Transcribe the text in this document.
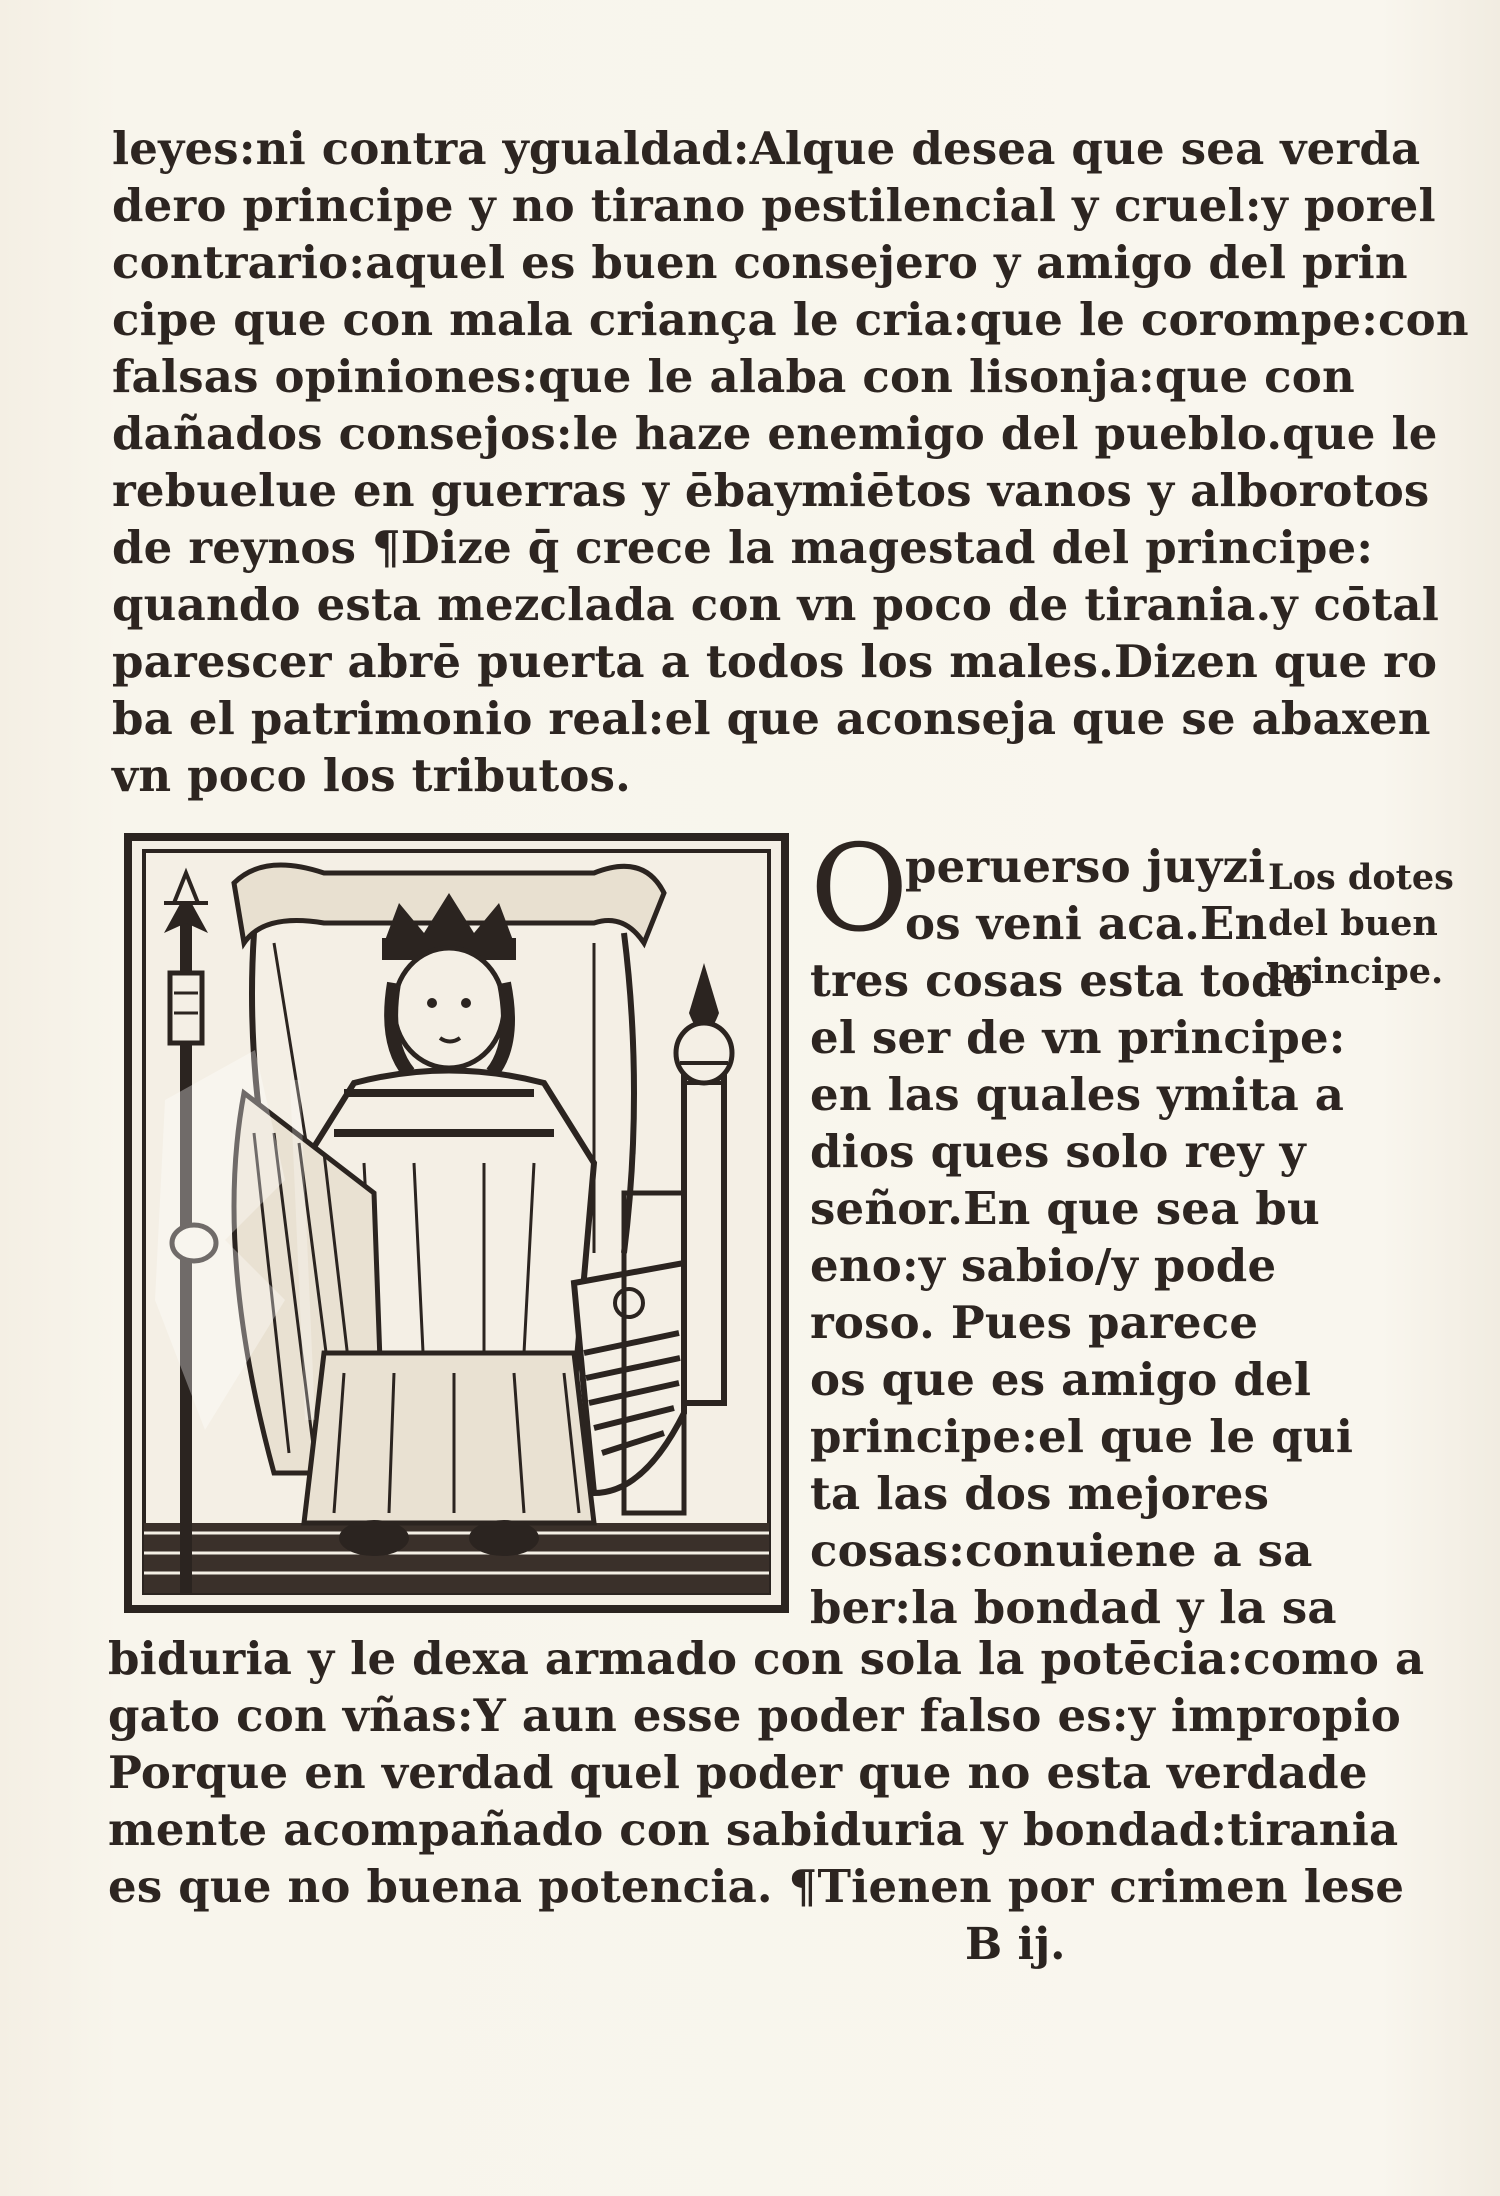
leyes:ni contra ygualdad:Alque desea que sea verda
dero principe y no tirano pestilencial y cruel:y porel
contrario:aquel es buen consejero y amigo del prin
cipe que con mala criança le cria:que le corompe:con
falsas opiniones:que le alaba con lisonja:que con
dañados consejos:le haze enemigo del pueblo.que le
rebuelue en guerras y ēbaymiētos vanos y alborotos
de reynos ¶Dize q̄ crece la magestad del principe:
quando esta mezclada con vn poco de tirania.y cōtal
parescer abrē puerta a todos los males.Dizen que ro
ba el patrimonio real:el que aconseja que se abaxen
vn poco los tributos.
O
peruerso juyzi
os veni aca.En
tres cosas esta todo
el ser de vn principe:
en las quales ymita a
dios ques solo rey y
señor.En que sea bu
eno:y sabio/y pode
roso. Pues parece
os que es amigo del
principe:el que le qui
ta las dos mejores
cosas:conuiene a sa
ber:la bondad y la sa
Los dotes
del buen
principe.
biduria y le dexa armado con sola la potēcia:como a
gato con vñas:Y aun esse poder falso es:y impropio
Porque en verdad quel poder que no esta verdade
mente acompañado con sabiduria y bondad:tirania
es que no buena potencia. ¶Tienen por crimen lese
B ij.
